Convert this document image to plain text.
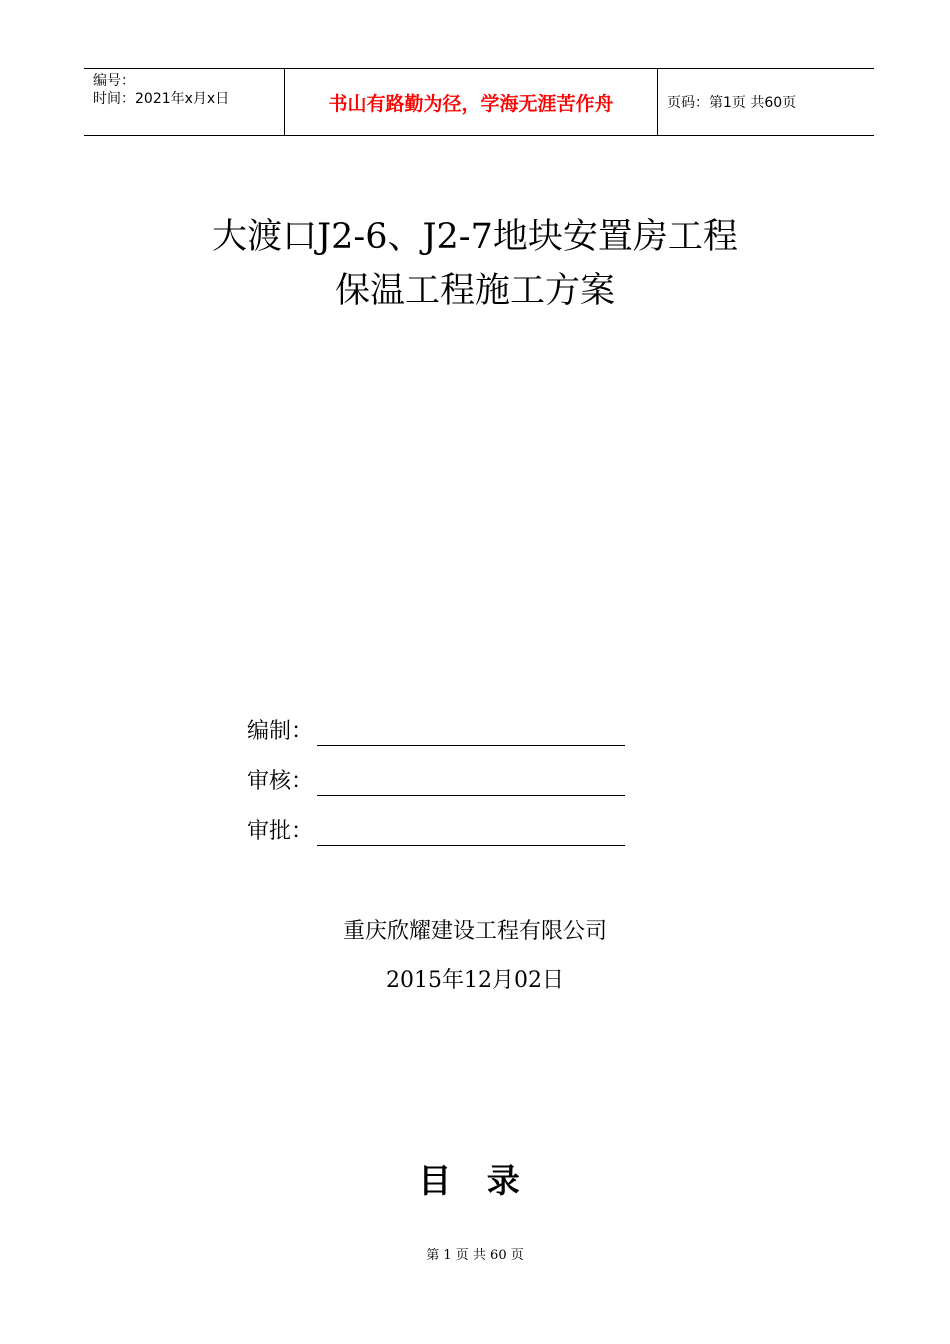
编号：
时间：2021年x月x日	书山有路勤为径，学海无涯苦作舟	页码：第1页 共60页
大渡口J2-6、J2-7地块安置房工程
保温工程施工方案
编制：
审核：
审批：
重庆欣耀建设工程有限公司
2015年12月02日
目 录
第 1 页 共 60 页
